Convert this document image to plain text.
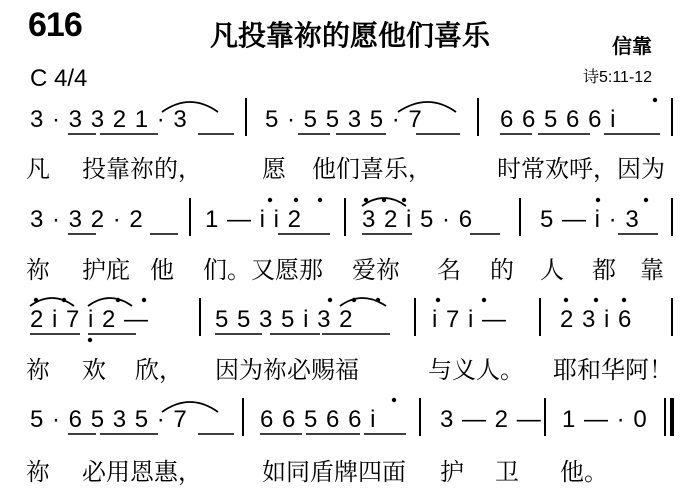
616	凡投靠祢的愿他们喜乐	信靠
C 4/4	诗5:11-12
3 · 3 3 2 1 · 3	5 · 5 5 3 5 · 7	6 6 5 6 6 i
凡 投靠祢的，	愿 他们喜乐，	时常欢呼，因为
3 · 3 2 · 2	1 — i i 2 3 2 i 5 · 6	5 — i · 3
祢 护庇 他 们。又愿那 爱祢 名 的 人 都 靠
2 i 7 i 2 —	5 5 3 5 i 3 2	i 7 i — 2 3 i 6
祢 欢 欣， 因为祢必赐福	与义人。 耶和华阿！
5 · 6 5 3 5 · 7	6 6 5 6 6 i	3 — 2 — 1 — · 0
祢 必用恩惠，	如同盾牌四面 护 卫 他。
